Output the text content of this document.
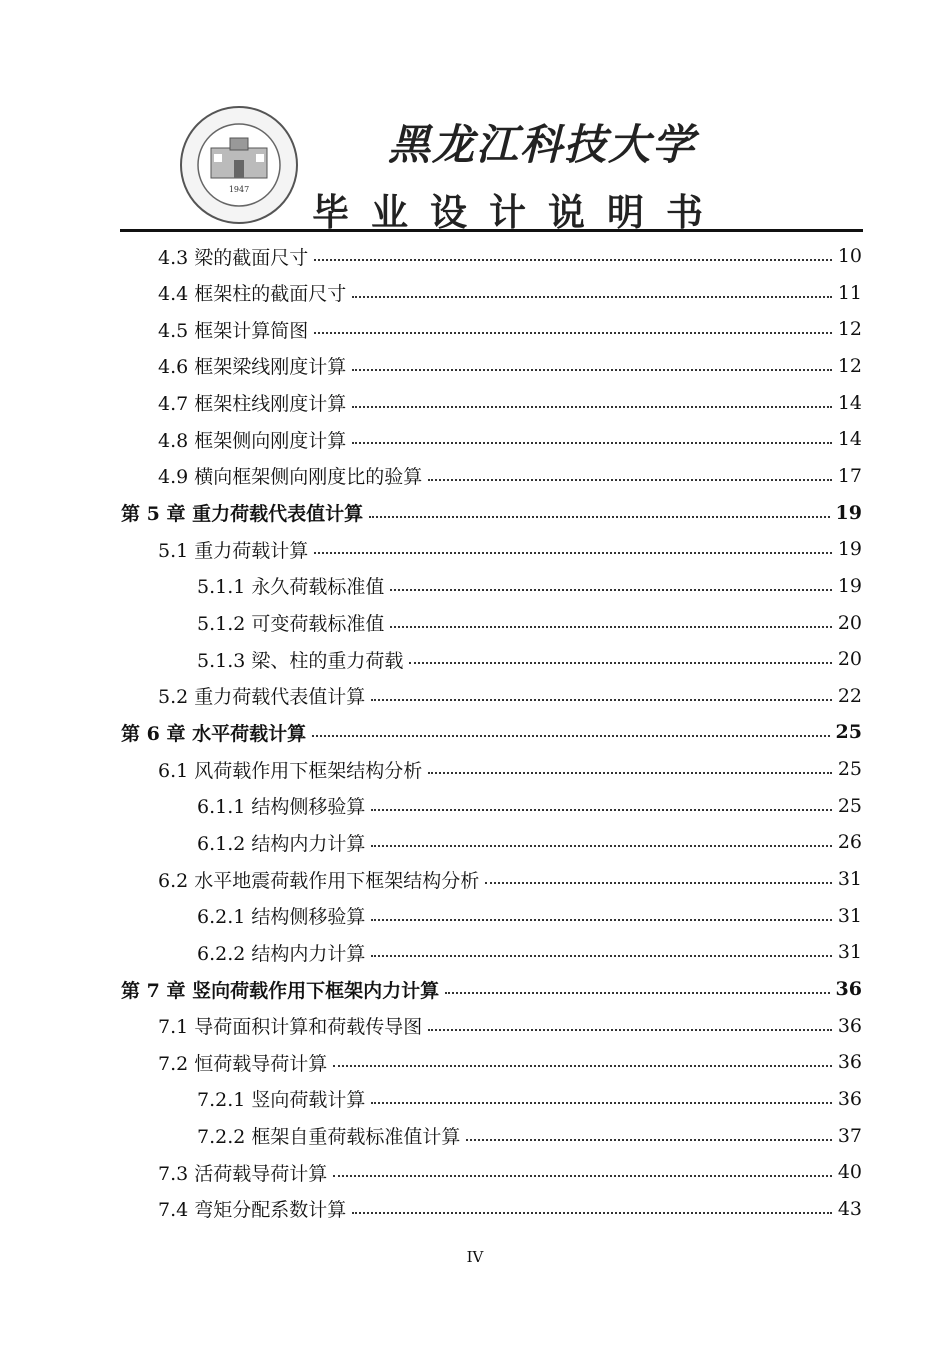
1947
黑龙江科技大学
毕业设计说明书
4.3 梁的截面尺寸	10
4.4 框架柱的截面尺寸	11
4.5 框架计算简图	12
4.6 框架梁线刚度计算	12
4.7 框架柱线刚度计算	14
4.8 框架侧向刚度计算	14
4.9 横向框架侧向刚度比的验算	17
第 5 章 重力荷载代表值计算	19
5.1 重力荷载计算	19
5.1.1 永久荷载标准值	19
5.1.2 可变荷载标准值	20
5.1.3 梁、柱的重力荷载	20
5.2 重力荷载代表值计算	22
第 6 章 水平荷载计算	25
6.1 风荷载作用下框架结构分析	25
6.1.1 结构侧移验算	25
6.1.2 结构内力计算	26
6.2 水平地震荷载作用下框架结构分析	31
6.2.1 结构侧移验算	31
6.2.2 结构内力计算	31
第 7 章 竖向荷载作用下框架内力计算	36
7.1 导荷面积计算和荷载传导图	36
7.2 恒荷载导荷计算	36
7.2.1 竖向荷载计算	36
7.2.2 框架自重荷载标准值计算	37
7.3 活荷载导荷计算	40
7.4 弯矩分配系数计算	43
IV
